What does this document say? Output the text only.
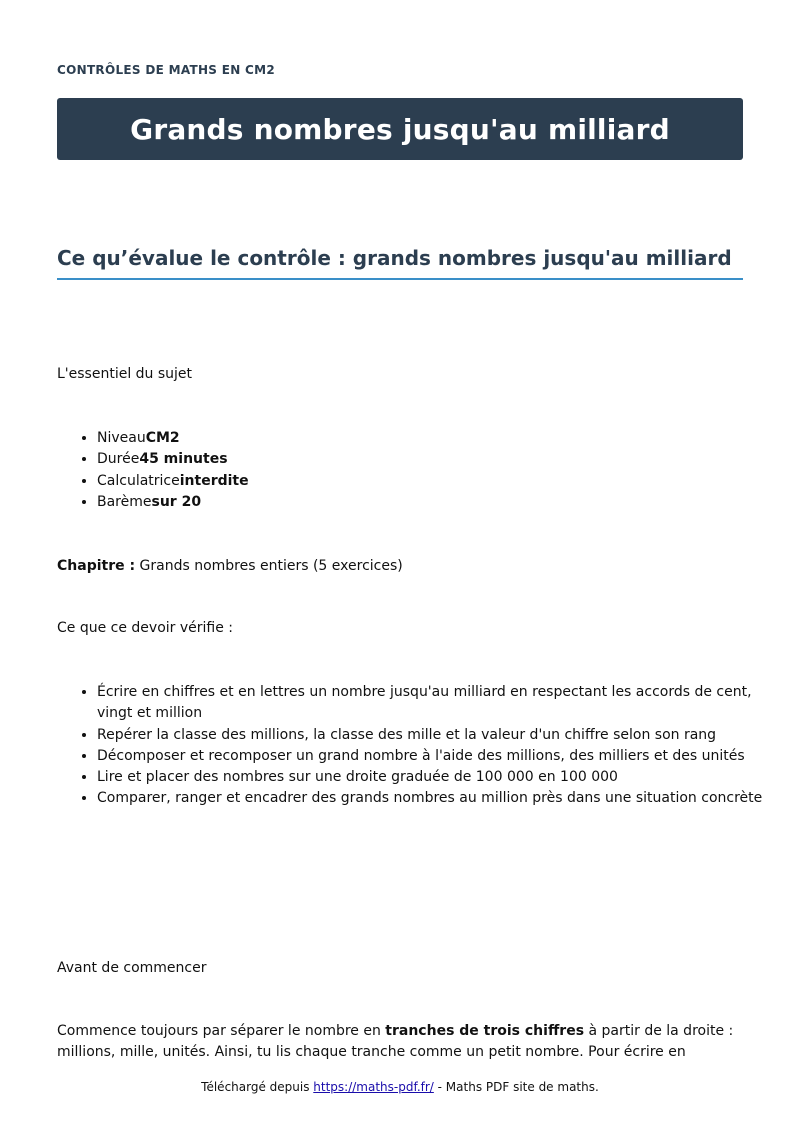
CONTRÔLES DE MATHS EN CM2
Grands nombres jusqu'au milliard
Ce qu’évalue le contrôle : grands nombres jusqu'au milliard

L'essentiel du sujet

• NiveauCM2
• Durée45 minutes
• Calculatriceinterdite
• Barèmesur 20

Chapitre : Grands nombres entiers (5 exercices)

Ce que ce devoir vérifie :

• Écrire en chiffres et en lettres un nombre jusqu'au milliard en respectant les accords de cent, vingt et million
• Repérer la classe des millions, la classe des mille et la valeur d'un chiffre selon son rang
• Décomposer et recomposer un grand nombre à l'aide des millions, des milliers et des unités
• Lire et placer des nombres sur une droite graduée de 100 000 en 100 000
• Comparer, ranger et encadrer des grands nombres au million près dans une situation concrète

Avant de commencer

Commence toujours par séparer le nombre en tranches de trois chiffres à partir de la droite : millions, mille, unités. Ainsi, tu lis chaque tranche comme un petit nombre. Pour écrire en

Téléchargé depuis https://maths-pdf.fr/ - Maths PDF site de maths.
